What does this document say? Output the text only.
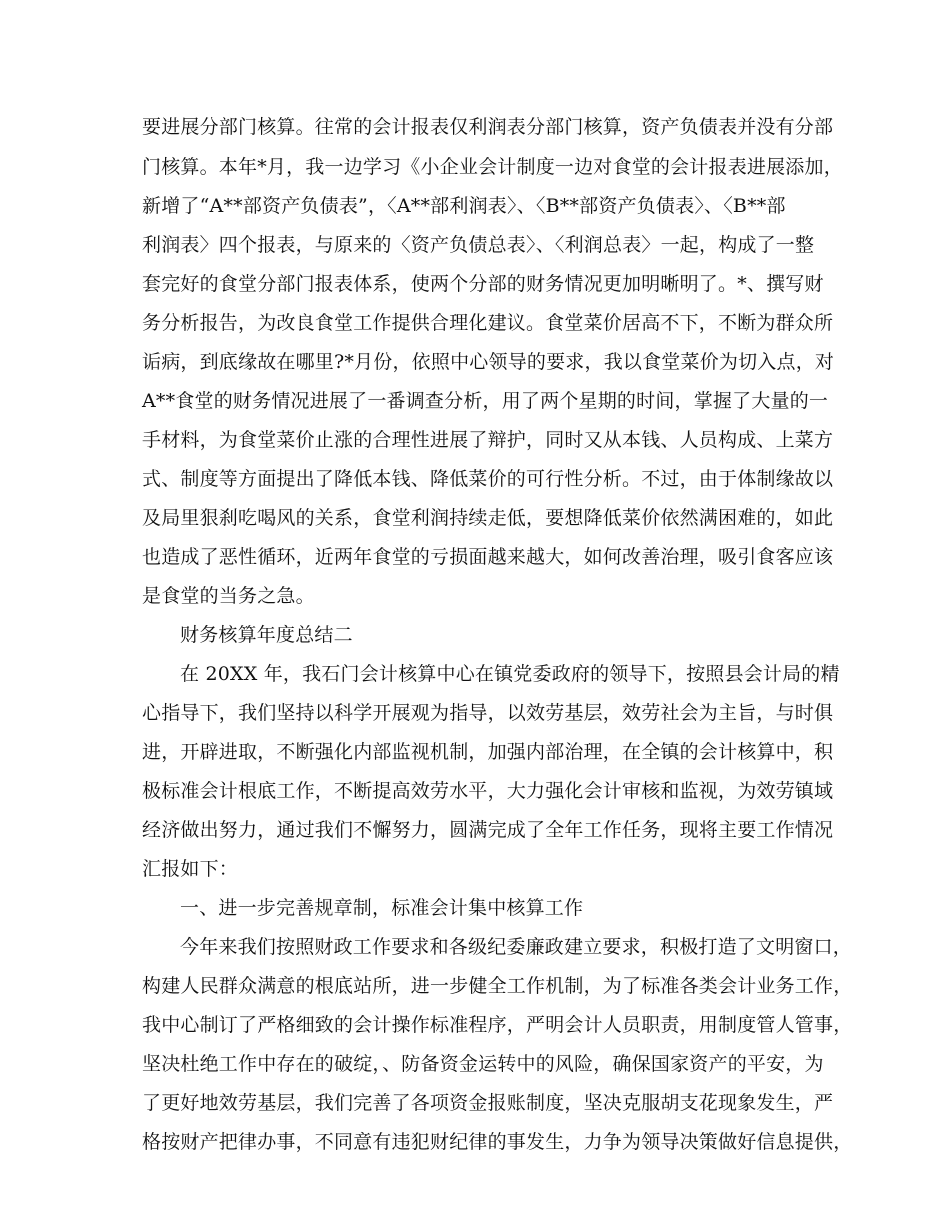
要进展分部门核算。往常的会计报表仅利润表分部门核算，资产负债表并没有分部
门核算。本年*月，我一边学习《小企业会计制度一边对食堂的会计报表进展添加，
新增了“A**部资产负债表”，〈A**部利润表〉、〈B**部资产负债表〉、〈B**部
利润表〉四个报表，与原来的〈资产负债总表〉、〈利润总表〉一起，构成了一整
套完好的食堂分部门报表体系，使两个分部的财务情况更加明晰明了。*、撰写财
务分析报告，为改良食堂工作提供合理化建议。食堂菜价居高不下，不断为群众所
诟病，到底缘故在哪里?*月份，依照中心领导的要求，我以食堂菜价为切入点，对
A**食堂的财务情况进展了一番调查分析，用了两个星期的时间，掌握了大量的一
手材料，为食堂菜价止涨的合理性进展了辩护，同时又从本钱、人员构成、上菜方
式、制度等方面提出了降低本钱、降低菜价的可行性分析。不过，由于体制缘故以
及局里狠刹吃喝风的关系，食堂利润持续走低，要想降低菜价依然满困难的，如此
也造成了恶性循环，近两年食堂的亏损面越来越大，如何改善治理，吸引食客应该
是食堂的当务之急。
财务核算年度总结二
在 20XX 年，我石门会计核算中心在镇党委政府的领导下，按照县会计局的精
心指导下，我们坚持以科学开展观为指导，以效劳基层，效劳社会为主旨，与时俱
进，开辟进取，不断强化内部监视机制，加强内部治理，在全镇的会计核算中，积
极标准会计根底工作，不断提高效劳水平，大力强化会计审核和监视，为效劳镇域
经济做出努力，通过我们不懈努力，圆满完成了全年工作任务，现将主要工作情况
汇报如下：
一、进一步完善规章制，标准会计集中核算工作
今年来我们按照财政工作要求和各级纪委廉政建立要求，积极打造了文明窗口，
构建人民群众满意的根底站所，进一步健全工作机制，为了标准各类会计业务工作，
我中心制订了严格细致的会计操作标准程序，严明会计人员职责，用制度管人管事，
坚决杜绝工作中存在的破绽，、防备资金运转中的风险，确保国家资产的平安，为
了更好地效劳基层，我们完善了各项资金报账制度，坚决克服胡支花现象发生，严
格按财产把律办事，不同意有违犯财纪律的事发生，力争为领导决策做好信息提供，
